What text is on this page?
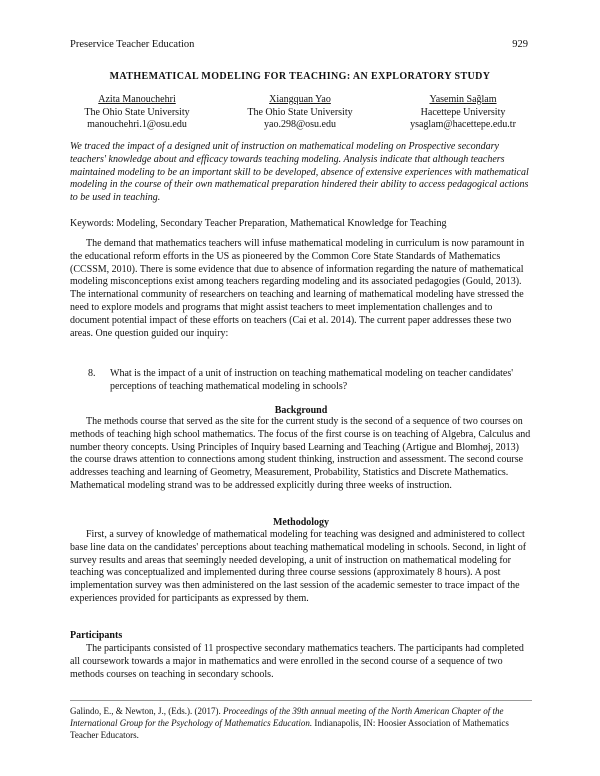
Preservice Teacher Education	929
MATHEMATICAL MODELING FOR TEACHING: AN EXPLORATORY STUDY
Azita Manouchehri
The Ohio State University
manouchehri.1@osu.edu
Xiangquan Yao
The Ohio State University
yao.298@osu.edu
Yasemin Sağlam
Hacettepe University
ysaglam@hacettepe.edu.tr

We traced the impact of a designed unit of instruction on mathematical modeling on Prospective secondary teachers' knowledge about and efficacy towards teaching modeling. Analysis indicate that although teachers maintained modeling to be an important skill to be developed, absence of extensive experiences with mathematical modeling in the course of their own mathematical preparation hindered their ability to access pedagogical actions to be used in teaching.

Keywords: Modeling, Secondary Teacher Preparation, Mathematical Knowledge for Teaching

The demand that mathematics teachers will infuse mathematical modeling in curriculum is now paramount in the educational reform efforts in the US as pioneered by the Common Core State Standards of Mathematics (CCSSM, 2010). There is some evidence that due to absence of information regarding the nature of mathematical modeling misconceptions exist among teachers regarding modeling and its associated pedagogies (Gould, 2013). The international community of researchers on teaching and learning of mathematical modeling have stressed the need to explore models and programs that might assist teachers to meet implementation challenges and to document potential impact of these efforts on teachers (Cai et al. 2014). The current paper addresses these two areas. One question guided our inquiry:

8.	What is the impact of a unit of instruction on teaching mathematical modeling on teacher candidates' perceptions of teaching mathematical modeling in schools?

Background

The methods course that served as the site for the current study is the second of a sequence of two courses on methods of teaching high school mathematics. The focus of the first course is on teaching of Algebra, Calculus and number theory concepts. Using Principles of Inquiry based Learning and Teaching (Artigue and Blomhøj, 2013) the course draws attention to connections among student thinking, instruction and assessment. The second course addresses teaching and learning of Geometry, Measurement, Probability, Statistics and Discrete Mathematics. Mathematical modeling strand was to be addressed explicitly during three weeks of instruction.

Methodology

First, a survey of knowledge of mathematical modeling for teaching was designed and administered to collect base line data on the candidates' perceptions about teaching mathematical modeling in schools. Second, in light of survey results and areas that seemingly needed developing, a unit of instruction on mathematical modeling for teaching was conceptualized and implemented during three course sessions (approximately 8 hours). A post implementation survey was then administered on the last session of the academic semester to trace impact of the experiences provided for participants as expressed by them.

Participants

The participants consisted of 11 prospective secondary mathematics teachers. The participants had completed all coursework towards a major in mathematics and were enrolled in the second course of a sequence of two methods courses on teaching in secondary schools.

Galindo, E., & Newton, J., (Eds.). (2017). Proceedings of the 39th annual meeting of the North American Chapter of the International Group for the Psychology of Mathematics Education. Indianapolis, IN: Hoosier Association of Mathematics Teacher Educators.
